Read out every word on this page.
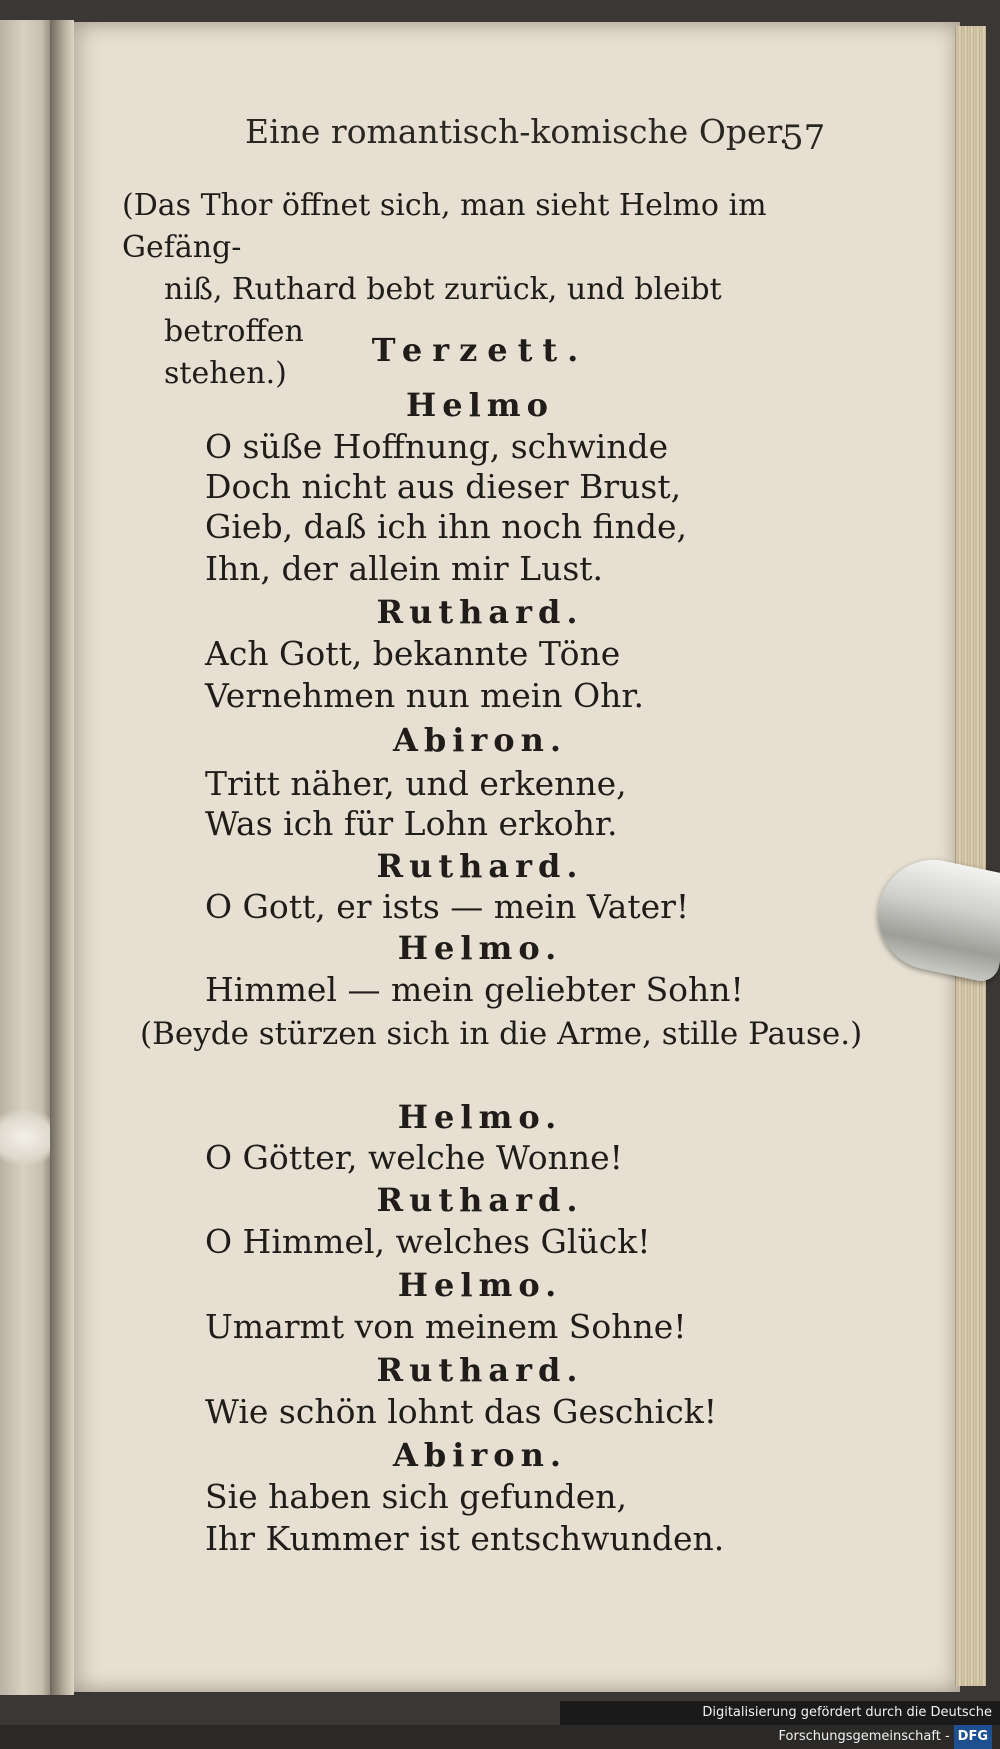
Eine romantisch-komische Oper.
57
(Das Thor öffnet sich, man sieht Helmo im Gefäng-

niß, Ruthard bebt zurück, und bleibt betroffen
stehen.)
Terzett.
Helmo
O süße Hoffnung, schwinde
Doch nicht aus dieser Brust,
Gieb, daß ich ihn noch finde,
Ihn, der allein mir Lust.
Ruthard.
Ach Gott, bekannte Töne
Vernehmen nun mein Ohr.
Abiron.
Tritt näher, und erkenne,
Was ich für Lohn erkohr.
Ruthard.
O Gott, er ists — mein Vater!
Helmo.
Himmel — mein geliebter Sohn!
(Beyde stürzen sich in die Arme, stille Pause.)
Helmo.
O Götter, welche Wonne!
Ruthard.
O Himmel, welches Glück!
Helmo.
Umarmt von meinem Sohne!
Ruthard.
Wie schön lohnt das Geschick!
Abiron.
Sie haben sich gefunden,
Ihr Kummer ist entschwunden.
Digitalisierung gefördert durch die Deutsche Forschungsgemeinschaft - DFG
